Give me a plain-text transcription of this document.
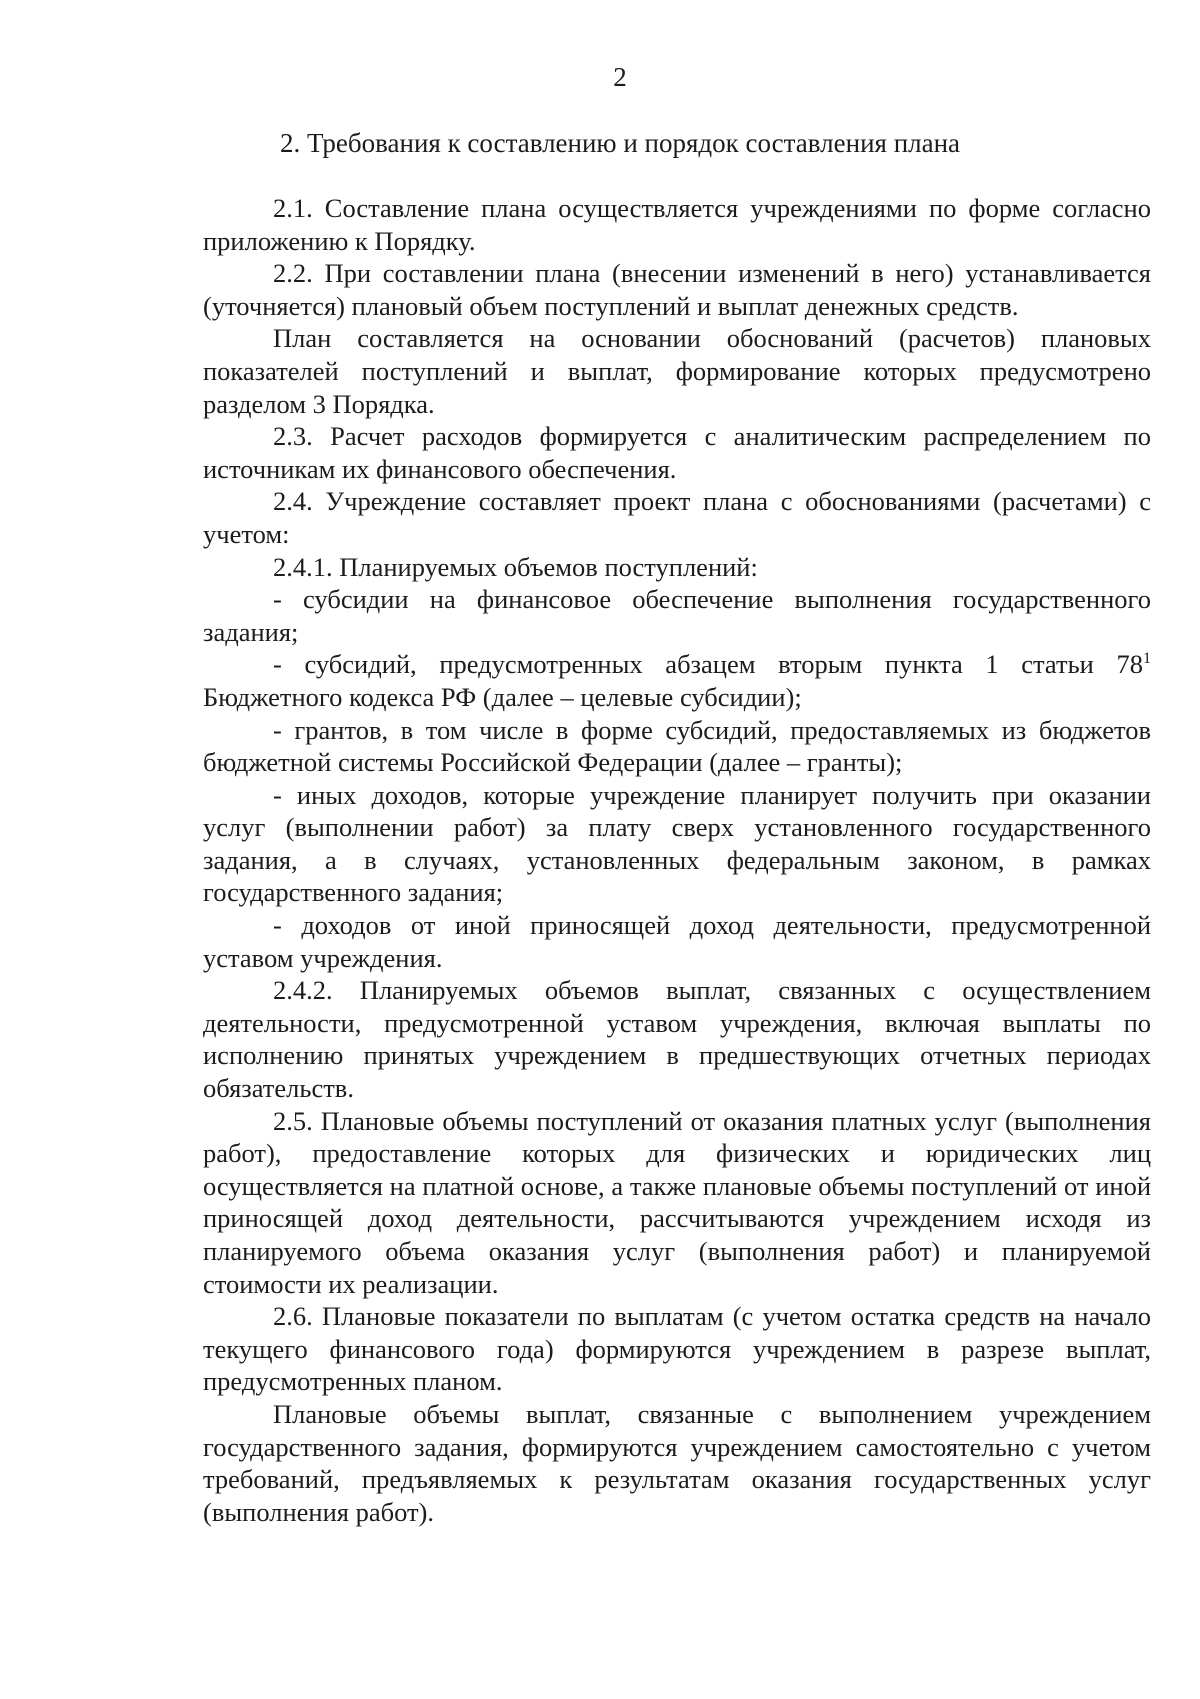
2
2. Требования к составлению и порядок составления плана

2.1. Составление плана осуществляется учреждениями по форме согласно приложению к Порядку.

2.2. При составлении плана (внесении изменений в него) устанавливается (уточняется) плановый объем поступлений и выплат денежных средств.

План составляется на основании обоснований (расчетов) плановых показателей поступлений и выплат, формирование которых предусмотрено разделом 3 Порядка.

2.3. Расчет расходов формируется с аналитическим распределением по источникам их финансового обеспечения.

2.4. Учреждение составляет проект плана с обоснованиями (расчетами) с учетом:

2.4.1. Планируемых объемов поступлений:

- субсидии на финансовое обеспечение выполнения государственного задания;

- субсидий, предусмотренных абзацем вторым пункта 1 статьи $78^1$ Бюджетного кодекса РФ (далее – целевые субсидии);

- грантов, в том числе в форме субсидий, предоставляемых из бюджетов бюджетной системы Российской Федерации (далее – гранты);

- иных доходов, которые учреждение планирует получить при оказании услуг (выполнении работ) за плату сверх установленного государственного задания, а в случаях, установленных федеральным законом, в рамках государственного задания;

- доходов от иной приносящей доход деятельности, предусмотренной уставом учреждения.

2.4.2. Планируемых объемов выплат, связанных с осуществлением деятельности, предусмотренной уставом учреждения, включая выплаты по исполнению принятых учреждением в предшествующих отчетных периодах обязательств.

2.5. Плановые объемы поступлений от оказания платных услуг (выполнения работ), предоставление которых для физических и юридических лиц осуществляется на платной основе, а также плановые объемы поступлений от иной приносящей доход деятельности, рассчитываются учреждением исходя из планируемого объема оказания услуг (выполнения работ) и планируемой стоимости их реализации.

2.6. Плановые показатели по выплатам (с учетом остатка средств на начало текущего финансового года) формируются учреждением в разрезе выплат, предусмотренных планом.

Плановые объемы выплат, связанные с выполнением учреждением государственного задания, формируются учреждением самостоятельно с учетом требований, предъявляемых к результатам оказания государственных услуг (выполнения работ).
